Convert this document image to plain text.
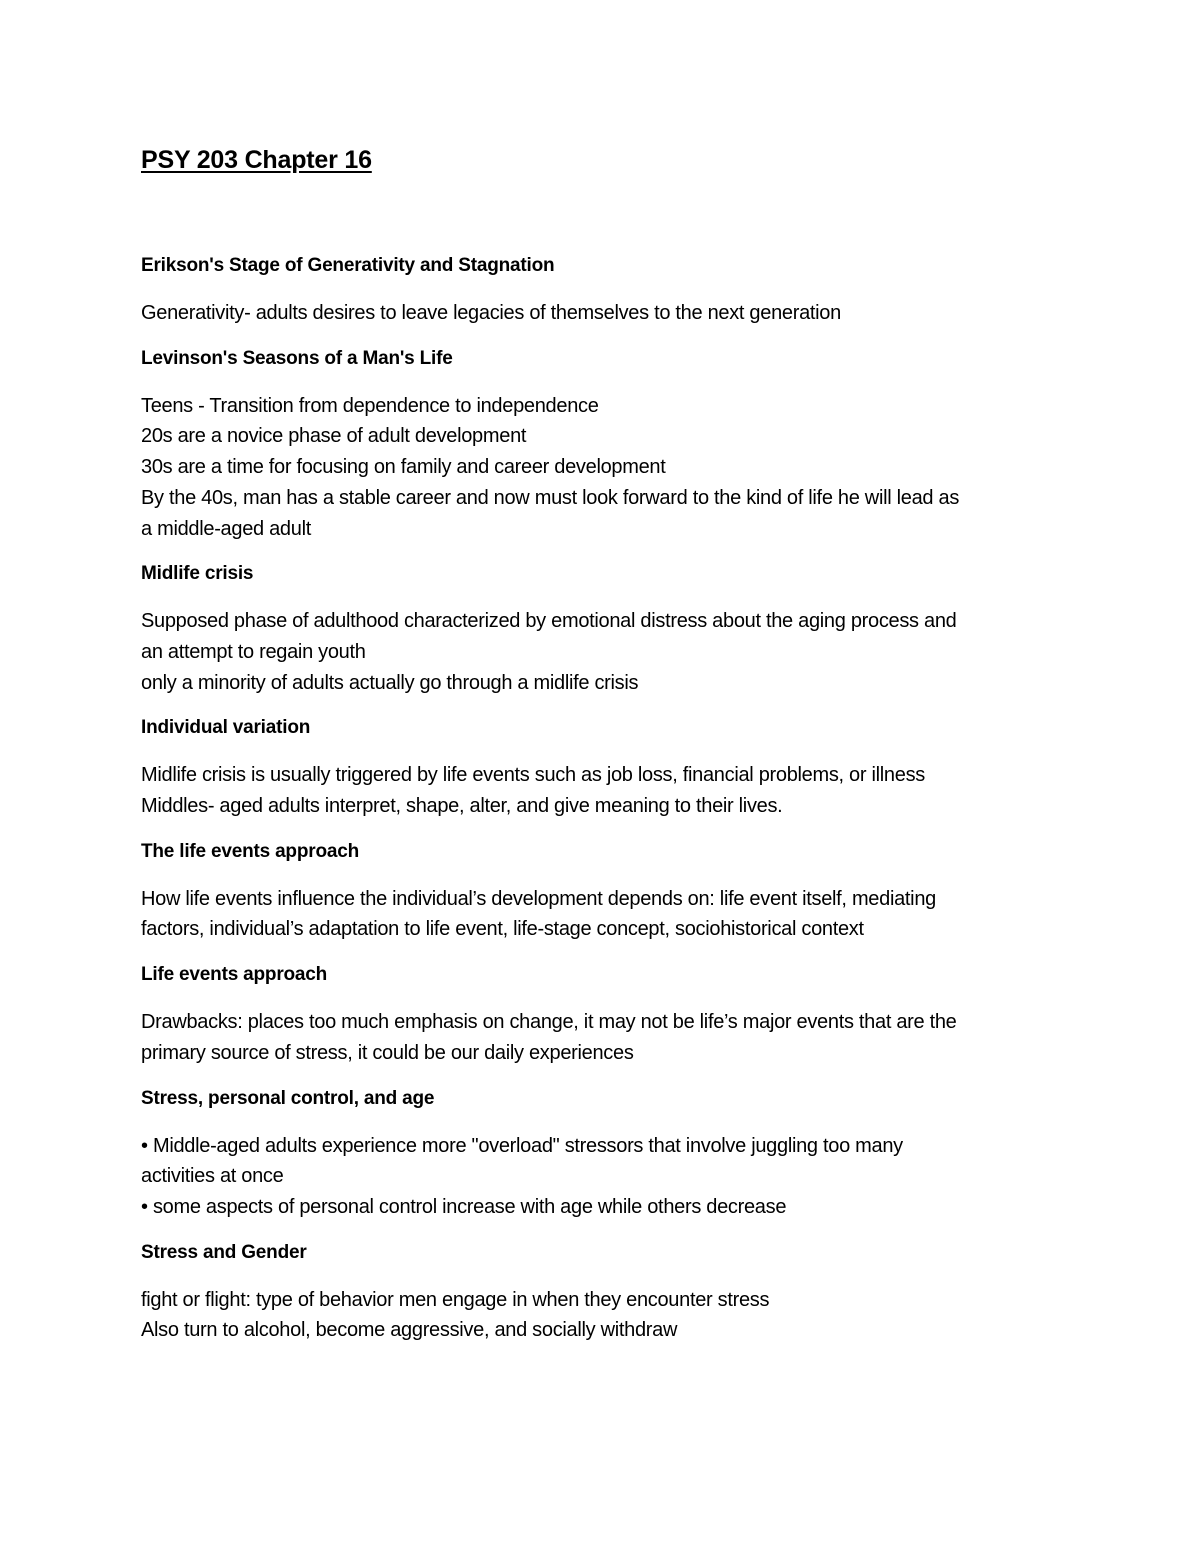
PSY 203 Chapter 16
Erikson's Stage of Generativity and Stagnation
Generativity- adults desires to leave legacies of themselves to the next generation
Levinson's Seasons of a Man's Life
Teens - Transition from dependence to independence
20s are a novice phase of adult development
30s are a time for focusing on family and career development
By the 40s, man has a stable career and now must look forward to the kind of life he will lead as
a middle-aged adult
Midlife crisis
Supposed phase of adulthood characterized by emotional distress about the aging process and
an attempt to regain youth
only a minority of adults actually go through a midlife crisis
Individual variation
Midlife crisis is usually triggered by life events such as job loss, financial problems, or illness
Middles- aged adults interpret, shape, alter, and give meaning to their lives.
The life events approach
How life events influence the individual’s development depends on: life event itself, mediating
factors, individual’s adaptation to life event, life-stage concept, sociohistorical context
Life events approach
Drawbacks: places too much emphasis on change, it may not be life’s major events that are the
primary source of stress, it could be our daily experiences
Stress, personal control, and age
• Middle-aged adults experience more "overload" stressors that involve juggling too many
activities at once
• some aspects of personal control increase with age while others decrease
Stress and Gender
fight or flight: type of behavior men engage in when they encounter stress
Also turn to alcohol, become aggressive, and socially withdraw
